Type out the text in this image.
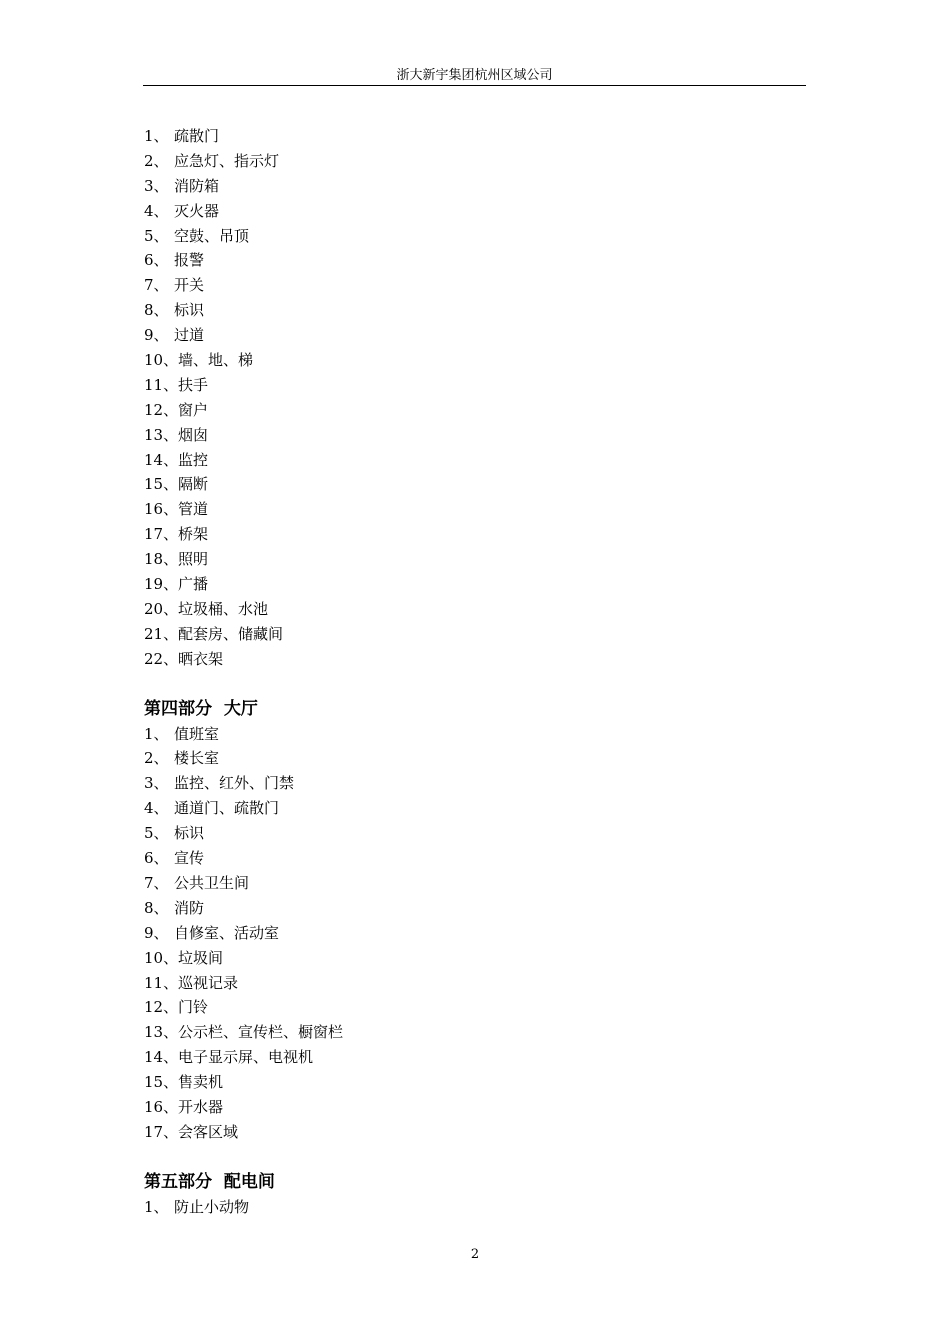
浙大新宇集团杭州区域公司
1、 疏散门
2、 应急灯、指示灯
3、 消防箱
4、 灭火器
5、 空鼓、吊顶
6、 报警
7、 开关
8、 标识
9、 过道
10、 墙、地、梯
11、 扶手
12、 窗户
13、 烟囱
14、 监控
15、 隔断
16、 管道
17、 桥架
18、 照明
19、 广播
20、 垃圾桶、水池
21、 配套房、储藏间
22、 晒衣架
第四部分  大厅
1、 值班室
2、 楼长室
3、 监控、红外、门禁
4、 通道门、疏散门
5、 标识
6、 宣传
7、 公共卫生间
8、 消防
9、 自修室、活动室
10、 垃圾间
11、 巡视记录
12、 门铃
13、 公示栏、宣传栏、橱窗栏
14、 电子显示屏、电视机
15、 售卖机
16、 开水器
17、 会客区域
第五部分  配电间
1、 防止小动物
2
